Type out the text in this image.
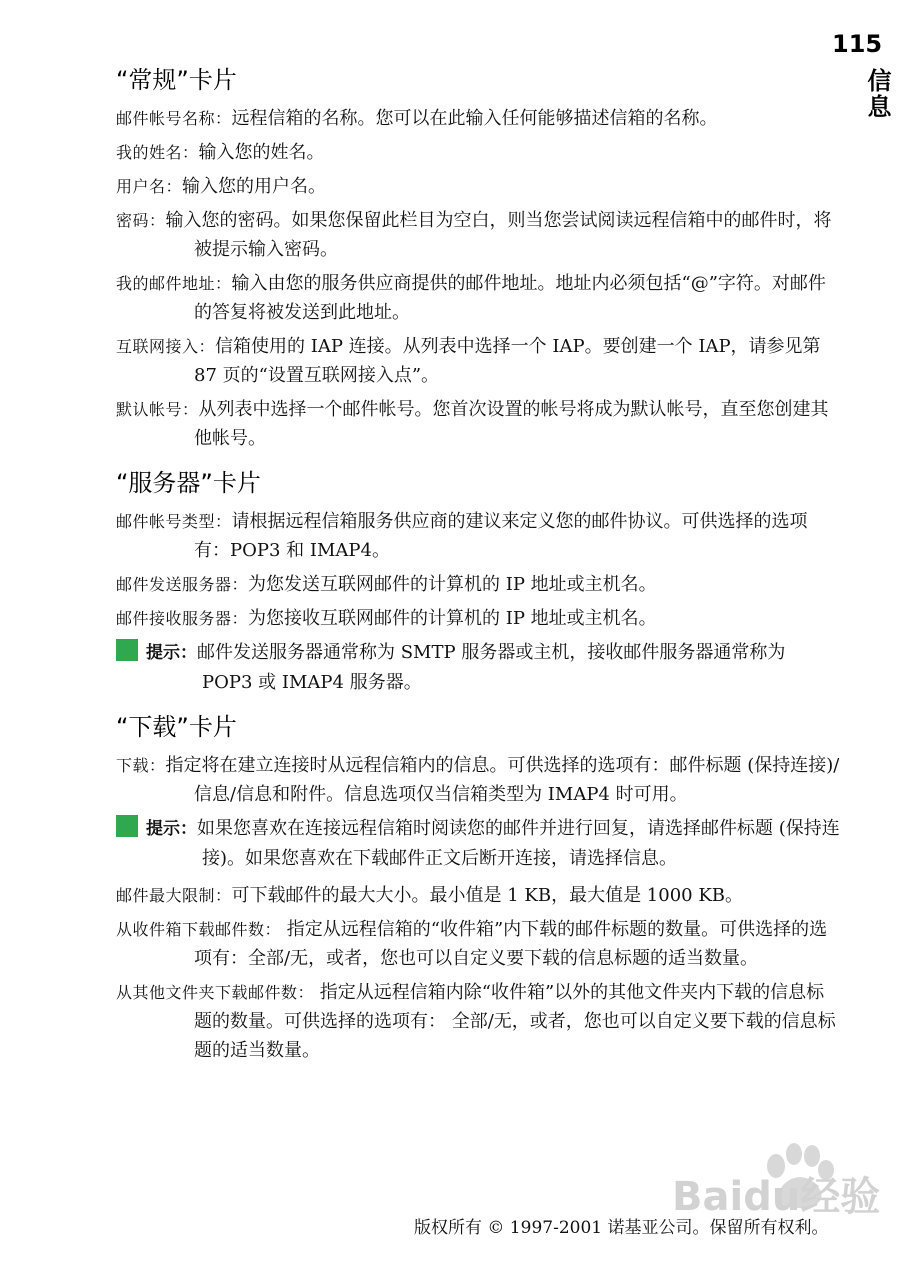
115
信息
“常规”卡片
邮件帐号名称：远程信箱的名称。您可以在此输入任何能够描述信箱的名称。
我的姓名：输入您的姓名。
用户名：输入您的用户名。
密码：输入您的密码。如果您保留此栏目为空白，则当您尝试阅读远程信箱中的邮件时，将被提示输入密码。
我的邮件地址：输入由您的服务供应商提供的邮件地址。地址内必须包括“@”字符。对邮件的答复将被发送到此地址。
互联网接入：信箱使用的 IAP 连接。从列表中选择一个 IAP。要创建一个 IAP，请参见第 87 页的“设置互联网接入点”。
默认帐号：从列表中选择一个邮件帐号。您首次设置的帐号将成为默认帐号，直至您创建其他帐号。
“服务器”卡片
邮件帐号类型：请根据远程信箱服务供应商的建议来定义您的邮件协议。可供选择的选项有：POP3 和 IMAP4。
邮件发送服务器：为您发送互联网邮件的计算机的 IP 地址或主机名。
邮件接收服务器：为您接收互联网邮件的计算机的 IP 地址或主机名。
提示：邮件发送服务器通常称为 SMTP 服务器或主机，接收邮件服务器通常称为 POP3 或 IMAP4 服务器。
“下载”卡片
下载：指定将在建立连接时从远程信箱内的信息。可供选择的选项有：邮件标题 (保持连接)/信息/信息和附件。信息选项仅当信箱类型为 IMAP4 时可用。
提示：如果您喜欢在连接远程信箱时阅读您的邮件并进行回复，请选择邮件标题 (保持连接)。如果您喜欢在下载邮件正文后断开连接，请选择信息。
邮件最大限制：可下载邮件的最大大小。最小值是 1 KB，最大值是 1000 KB。
从收件箱下载邮件数： 指定从远程信箱的“收件箱”内下载的邮件标题的数量。可供选择的选项有：全部/无，或者，您也可以自定义要下载的信息标题的适当数量。
从其他文件夹下载邮件数： 指定从远程信箱内除“收件箱”以外的其他文件夹内下载的信息标题的数量。可供选择的选项有： 全部/无，或者，您也可以自定义要下载的信息标题的适当数量。
Baidu经验
版权所有 © 1997-2001 诺基亚公司。保留所有权利。
